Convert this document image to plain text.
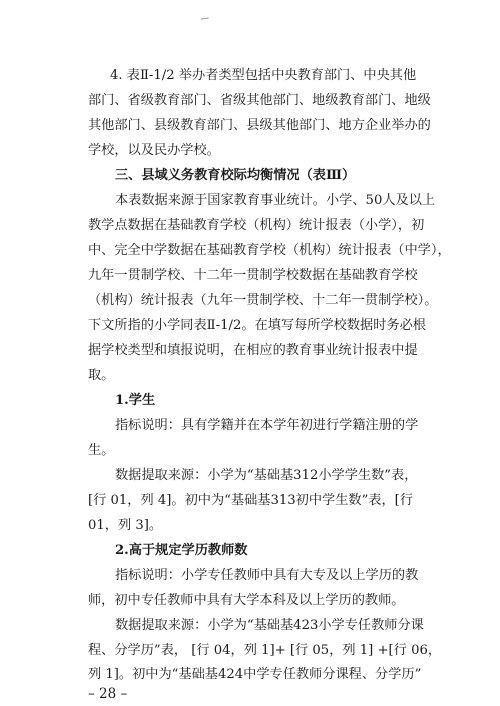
4. 表Ⅱ-1/2 举办者类型包括中央教育部门、中央其他
部门、省级教育部门、省级其他部门、地级教育部门、地级
其他部门、县级教育部门、县级其他部门、地方企业举办的
学校，以及民办学校。
三、县域义务教育校际均衡情况（表Ⅲ）
本表数据来源于国家教育事业统计。小学、50人及以上
教学点数据在基础教育学校（机构）统计报表（小学），初
中、完全中学数据在基础教育学校（机构）统计报表（中学），
九年一贯制学校、十二年一贯制学校数据在基础教育学校
（机构）统计报表（九年一贯制学校、十二年一贯制学校）。
下文所指的小学同表Ⅱ-1/2。在填写每所学校数据时务必根
据学校类型和填报说明，在相应的教育事业统计报表中提
取。
1.学生
指标说明：具有学籍并在本学年初进行学籍注册的学
生。
数据提取来源：小学为“基础基312小学学生数”表，
[行 01，列 4]。初中为“基础基313初中学生数”表，[行
01，列 3]。
2.高于规定学历教师数
指标说明：小学专任教师中具有大专及以上学历的教
师，初中专任教师中具有大学本科及以上学历的教师。
数据提取来源：小学为“基础基423小学专任教师分课
程、分学历”表， [行 04，列 1]+ [行 05，列 1] +[行 06，
列 1]。初中为“基础基424中学专任教师分课程、分学历”
– 28 –
